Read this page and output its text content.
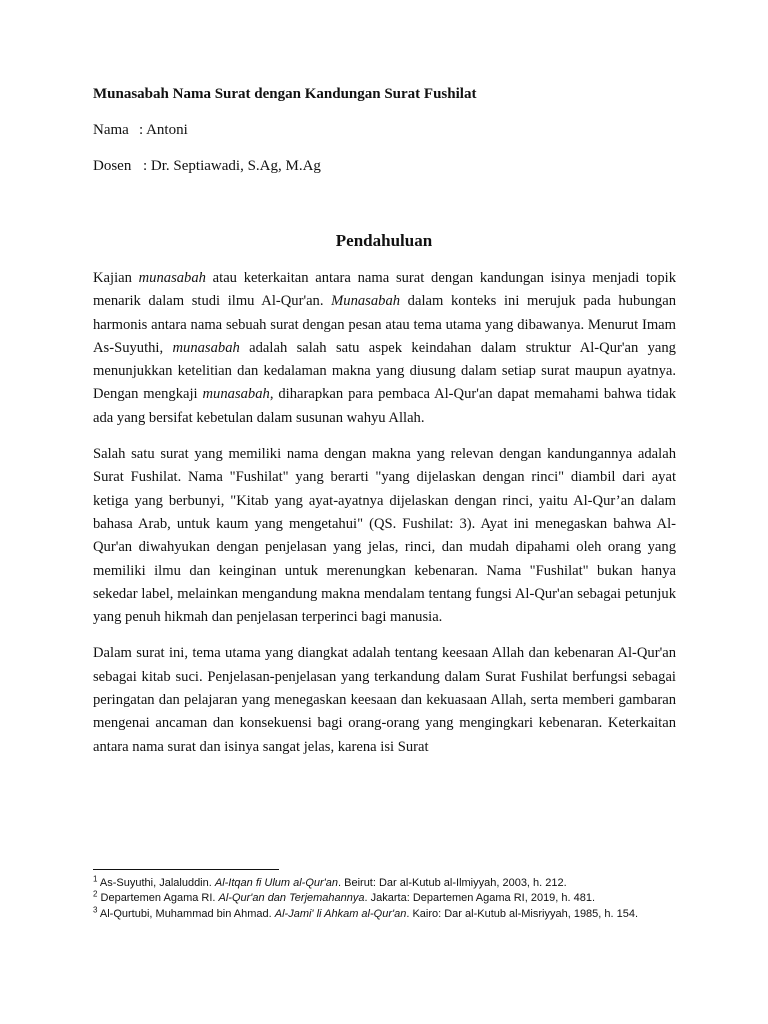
Munasabah Nama Surat dengan Kandungan Surat Fushilat

Nama : Antoni

Dosen : Dr. Septiawadi, S.Ag, M.Ag

Pendahuluan

Kajian munasabah atau keterkaitan antara nama surat dengan kandungan isinya menjadi topik menarik dalam studi ilmu Al-Qur'an. Munasabah dalam konteks ini merujuk pada hubungan harmonis antara nama sebuah surat dengan pesan atau tema utama yang dibawanya. Menurut Imam As-Suyuthi, munasabah adalah salah satu aspek keindahan dalam struktur Al-Qur'an yang menunjukkan ketelitian dan kedalaman makna yang diusung dalam setiap surat maupun ayatnya. Dengan mengkaji munasabah, diharapkan para pembaca Al-Qur'an dapat memahami bahwa tidak ada yang bersifat kebetulan dalam susunan wahyu Allah.

Salah satu surat yang memiliki nama dengan makna yang relevan dengan kandungannya adalah Surat Fushilat. Nama "Fushilat" yang berarti "yang dijelaskan dengan rinci" diambil dari ayat ketiga yang berbunyi, "Kitab yang ayat-ayatnya dijelaskan dengan rinci, yaitu Al-Qur’an dalam bahasa Arab, untuk kaum yang mengetahui" (QS. Fushilat: 3). Ayat ini menegaskan bahwa Al-Qur'an diwahyukan dengan penjelasan yang jelas, rinci, dan mudah dipahami oleh orang yang memiliki ilmu dan keinginan untuk merenungkan kebenaran. Nama "Fushilat" bukan hanya sekedar label, melainkan mengandung makna mendalam tentang fungsi Al-Qur'an sebagai petunjuk yang penuh hikmah dan penjelasan terperinci bagi manusia.

Dalam surat ini, tema utama yang diangkat adalah tentang keesaan Allah dan kebenaran Al-Qur'an sebagai kitab suci. Penjelasan-penjelasan yang terkandung dalam Surat Fushilat berfungsi sebagai peringatan dan pelajaran yang menegaskan keesaan dan kekuasaan Allah, serta memberi gambaran mengenai ancaman dan konsekuensi bagi orang-orang yang mengingkari kebenaran. Keterkaitan antara nama surat dan isinya sangat jelas, karena isi Surat

$^1$ As-Suyuthi, Jalaluddin. Al-Itqan fi Ulum al-Qur'an. Beirut: Dar al-Kutub al-Ilmiyyah, 2003, h. 212.

$^2$ Departemen Agama RI. Al-Qur'an dan Terjemahannya. Jakarta: Departemen Agama RI, 2019, h. 481.

$^3$ Al-Qurtubi, Muhammad bin Ahmad. Al-Jami' li Ahkam al-Qur'an. Kairo: Dar al-Kutub al-Misriyyah, 1985, h. 154.
